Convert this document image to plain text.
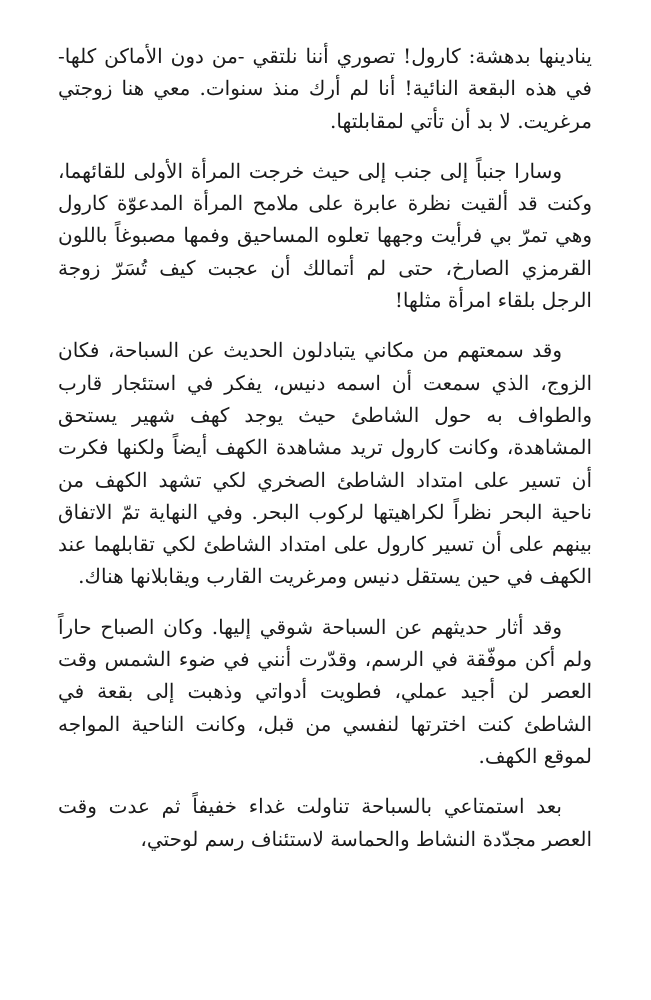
ينادينها بدهشة: كارول! تصوري أننا نلتقي -من دون الأماكن كلها- في هذه البقعة النائية! أنا لم أرك منذ سنوات. معي هنا زوجتي مرغريت. لا بد أن تأتي لمقابلتها.

وسارا جنباً إلى جنب إلى حيث خرجت المرأة الأولى للقائهما، وكنت قد ألقيت نظرة عابرة على ملامح المرأة المدعوّة كارول وهي تمرّ بي فرأيت وجهها تعلوه المساحيق وفمها مصبوغاً باللون القرمزي الصارخ، حتى لم أتمالك أن عجبت كيف تُسَرّ زوجة الرجل بلقاء امرأة مثلها!

وقد سمعتهم من مكاني يتبادلون الحديث عن السباحة، فكان الزوج، الذي سمعت أن اسمه دنيس، يفكر في استئجار قارب والطواف به حول الشاطئ حيث يوجد كهف شهير يستحق المشاهدة، وكانت كارول تريد مشاهدة الكهف أيضاً ولكنها فكرت أن تسير على امتداد الشاطئ الصخري لكي تشهد الكهف من ناحية البحر نظراً لكراهيتها لركوب البحر. وفي النهاية تمّ الاتفاق بينهم على أن تسير كارول على امتداد الشاطئ لكي تقابلهما عند الكهف في حين يستقل دنيس ومرغريت القارب ويقابلانها هناك.

وقد أثار حديثهم عن السباحة شوقي إليها. وكان الصباح حاراً ولم أكن موفّقة في الرسم، وقدّرت أنني في ضوء الشمس وقت العصر لن أجيد عملي، فطويت أدواتي وذهبت إلى بقعة في الشاطئ كنت اخترتها لنفسي من قبل، وكانت الناحية المواجه لموقع الكهف.

بعد استمتاعي بالسباحة تناولت غداء خفيفاً ثم عدت وقت العصر مجدّدة النشاط والحماسة لاستئناف رسم لوحتي،
